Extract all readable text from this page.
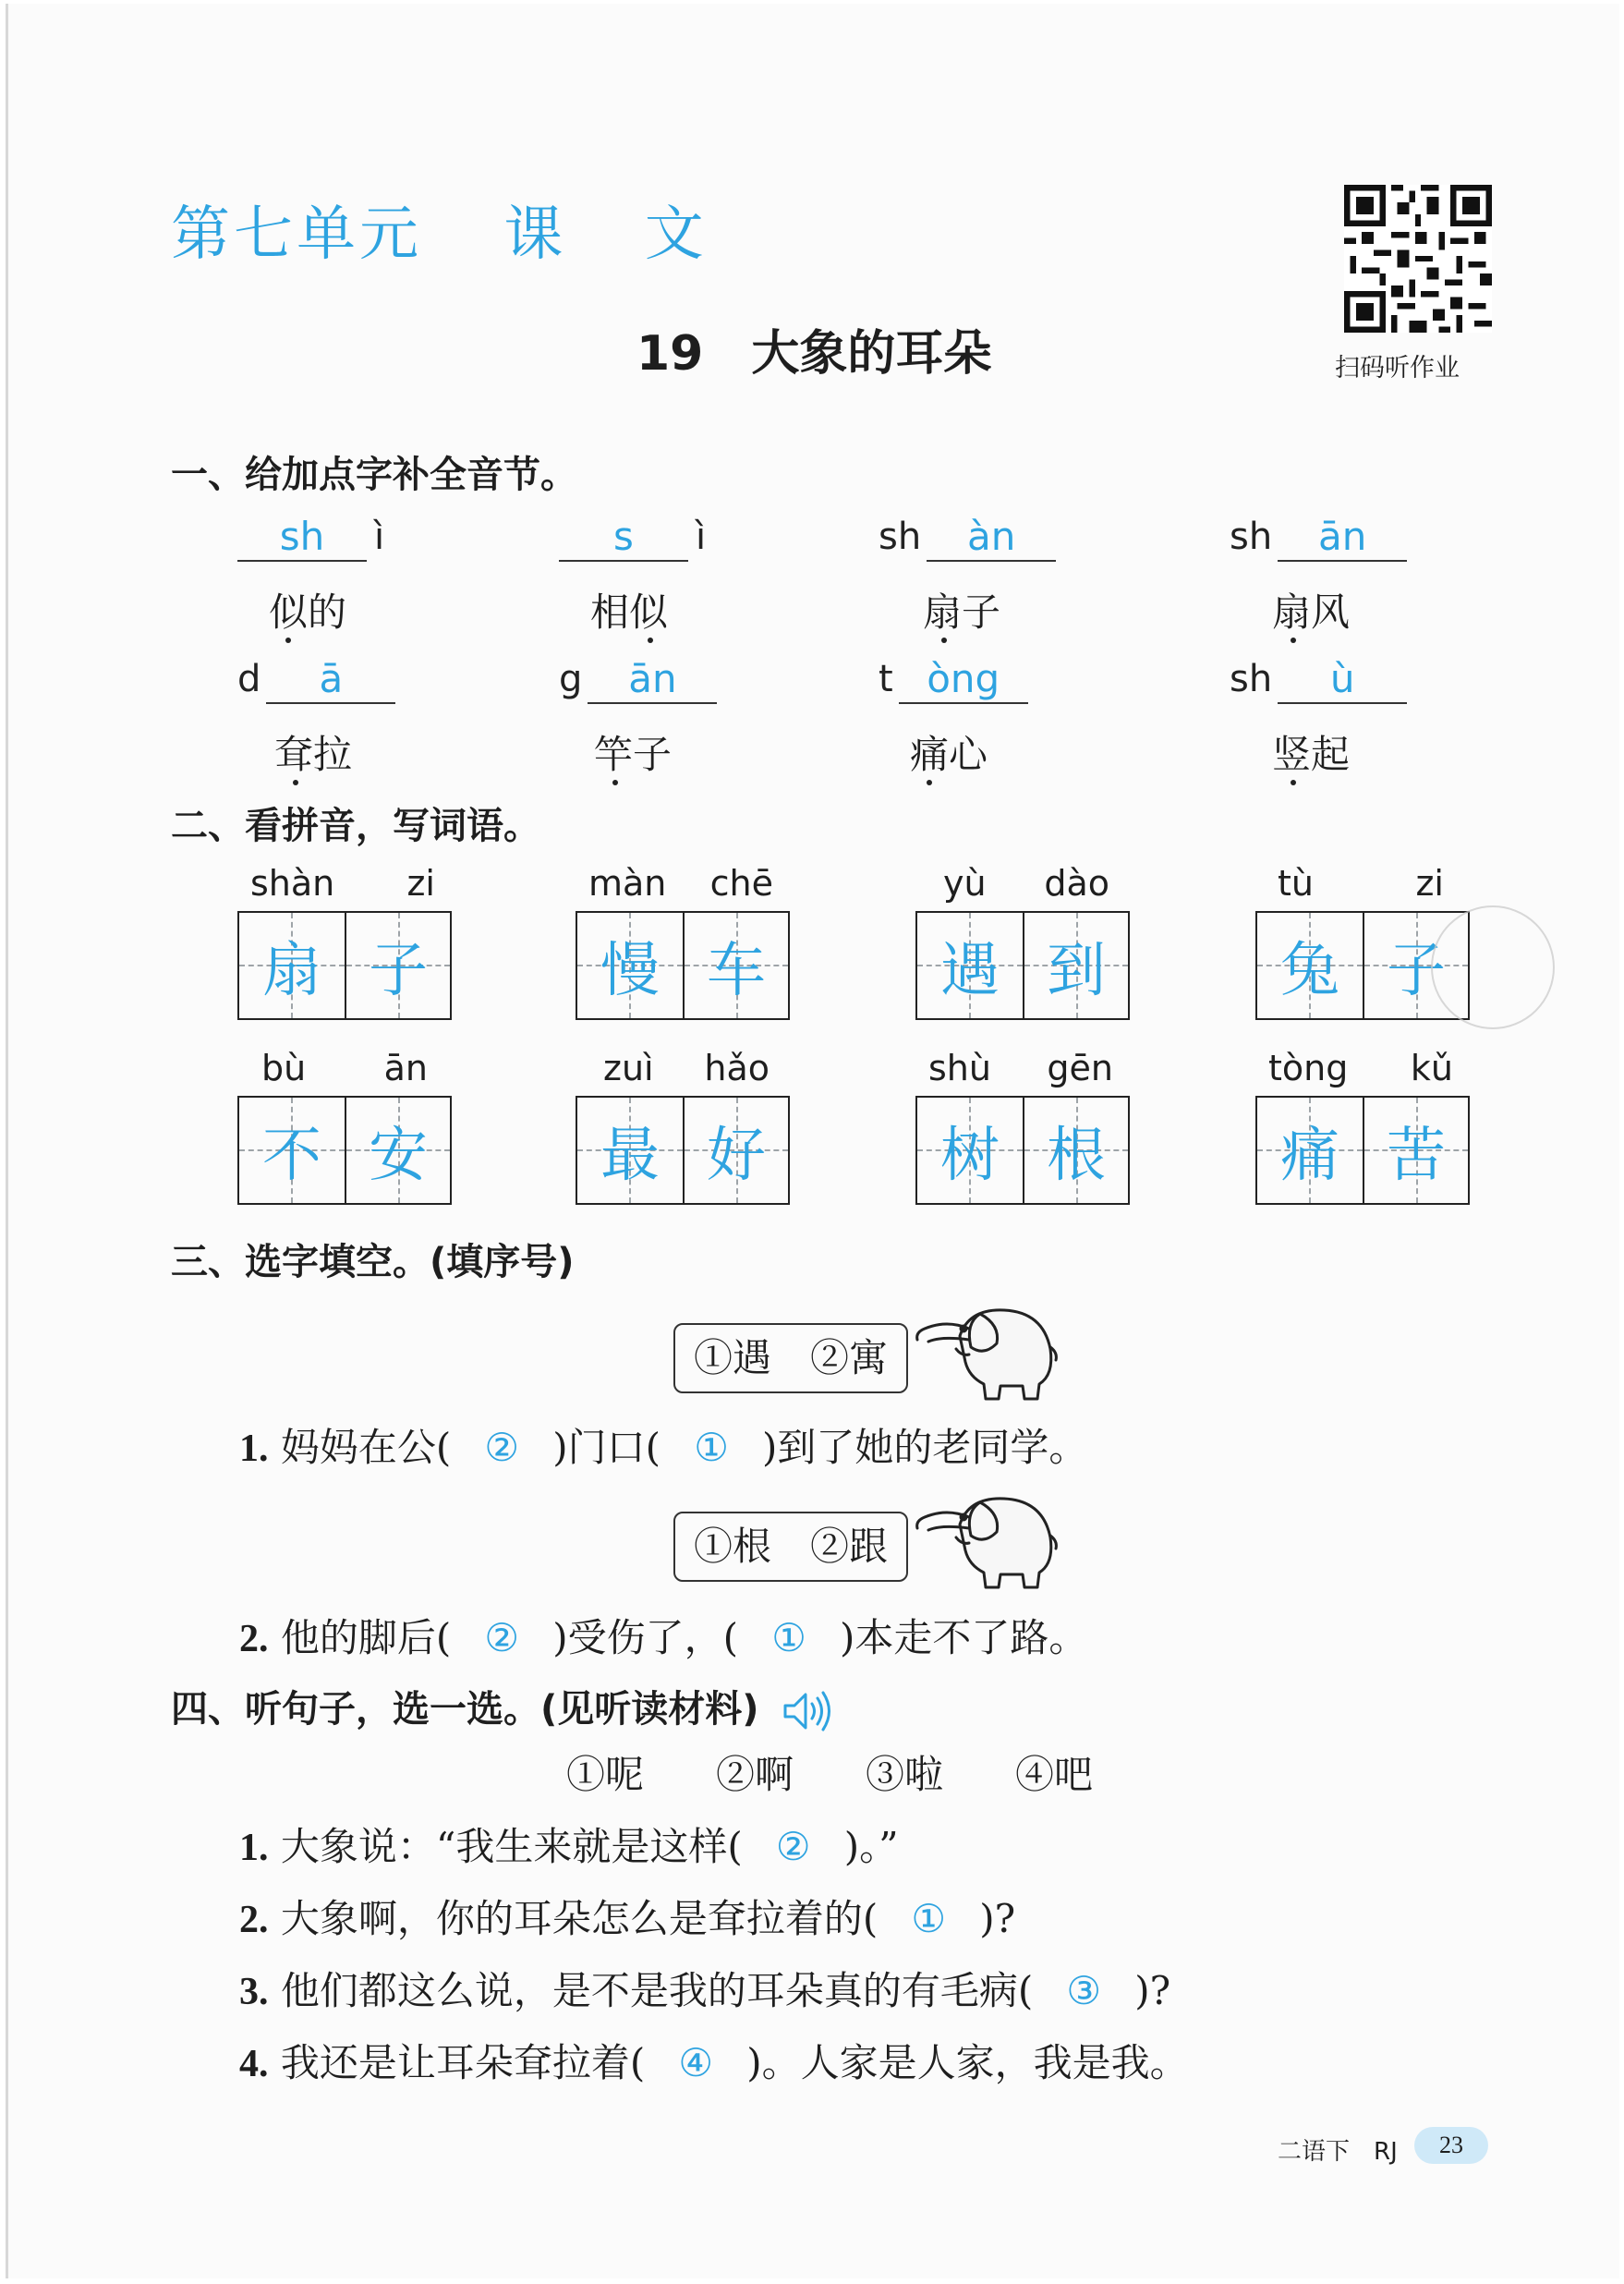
第七单元 课 文
19　大象的耳朵	扫码听作业
一、给加点字补全音节。
sh ì
似的
s ì
相似
sh àn
扇子
sh ān
扇风
d ā
耷拉
g ān
竿子
t òng
痛心
sh ù
竖起
二、看拼音，写词语。
shàn zi
扇 子
màn chē
慢 车
yù dào
遇 到
tù	zi
兔 子
bù ān
不 安
zuì hǎo
最 好
shù gēn
树 根
tòng kǔ
痛 苦
三、选字填空。(填序号)
①遇　②寓
1. 妈妈在公( ② )门口( ① )到了她的老同学。
①根　②跟
2. 他的脚后( ② )受伤了，( ① )本走不了路。
四、听句子，选一选。(见听读材料)
①呢 ②啊 ③啦 ④吧
1. 大象说：“我生来就是这样( ② )。”
2. 大象啊，你的耳朵怎么是耷拉着的( ① )?
3. 他们都这么说，是不是我的耳朵真的有毛病( ③ )?
4. 我还是让耳朵耷拉着( ④ )。人家是人家，我是我。
二语下　RJ	23
